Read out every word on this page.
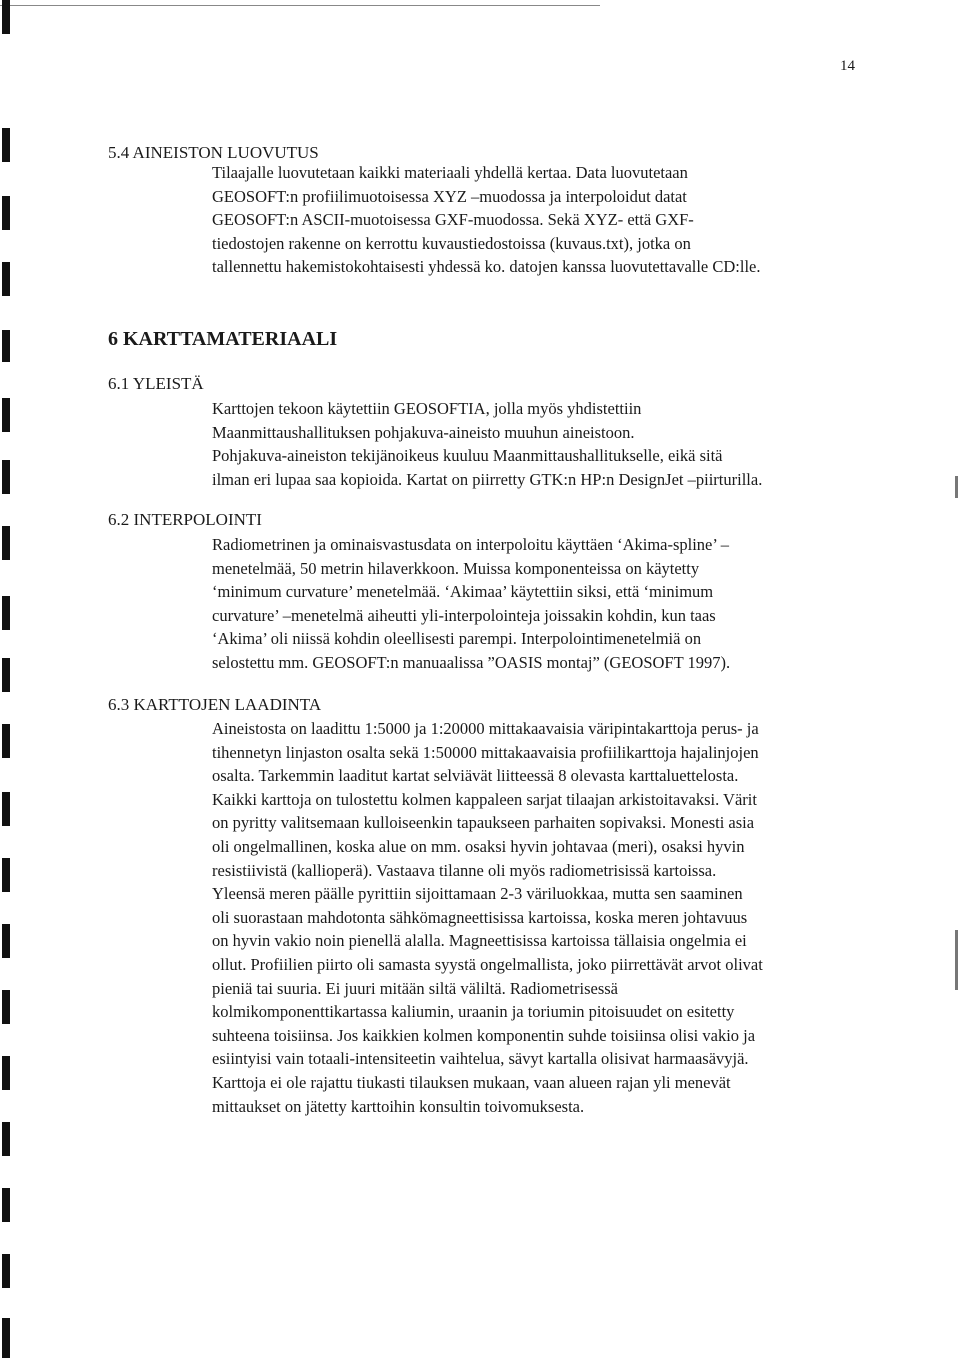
14
5.4 AINEISTON LUOVUTUS
Tilaajalle luovutetaan kaikki materiaali yhdellä kertaa. Data luovutetaan
GEOSOFT:n profiilimuotoisessa XYZ –muodossa ja interpoloidut datat
GEOSOFT:n ASCII-muotoisessa GXF-muodossa. Sekä XYZ- että GXF-
tiedostojen rakenne on kerrottu kuvaustiedostoissa (kuvaus.txt), jotka on
tallennettu hakemistokohtaisesti yhdessä ko. datojen kanssa luovutettavalle CD:lle.
6 KARTTAMATERIAALI
6.1 YLEISTÄ
Karttojen tekoon käytettiin GEOSOFTIA, jolla myös yhdistettiin
Maanmittaushallituksen pohjakuva-aineisto muuhun aineistoon.
Pohjakuva-aineiston tekijänoikeus kuuluu Maanmittaushallitukselle, eikä sitä
ilman eri lupaa saa kopioida. Kartat on piirretty GTK:n HP:n DesignJet –piirturilla.
6.2 INTERPOLOINTI
Radiometrinen ja ominaisvastusdata on interpoloitu käyttäen ‘Akima-spline’ –
menetelmää, 50 metrin hilaverkkoon. Muissa komponenteissa on käytetty
‘minimum curvature’ menetelmää. ‘Akimaa’ käytettiin siksi, että ‘minimum
curvature’ –menetelmä aiheutti yli-interpolointeja joissakin kohdin, kun taas
‘Akima’ oli niissä kohdin oleellisesti parempi. Interpolointimenetelmiä on
selostettu mm. GEOSOFT:n manuaalissa ”OASIS montaj” (GEOSOFT 1997).
6.3 KARTTOJEN LAADINTA
Aineistosta on laadittu 1:5000 ja 1:20000 mittakaavaisia väripintakarttoja perus- ja
tihennetyn linjaston osalta sekä 1:50000 mittakaavaisia profiilikarttoja hajalinjojen
osalta. Tarkemmin laaditut kartat selviävät liitteessä 8 olevasta karttaluettelosta.
Kaikki karttoja on tulostettu kolmen kappaleen sarjat tilaajan arkistoitavaksi. Värit
on pyritty valitsemaan kulloiseenkin tapaukseen parhaiten sopivaksi. Monesti asia
oli ongelmallinen, koska alue on mm. osaksi hyvin johtavaa (meri), osaksi hyvin
resistiivistä (kallioperä). Vastaava tilanne oli myös radiometrisissä kartoissa.
Yleensä meren päälle pyrittiin sijoittamaan 2-3 väriluokkaa, mutta sen saaminen
oli suorastaan mahdotonta sähkömagneettisissa kartoissa, koska meren johtavuus
on hyvin vakio noin pienellä alalla. Magneettisissa kartoissa tällaisia ongelmia ei
ollut. Profiilien piirto oli samasta syystä ongelmallista, joko piirrettävät arvot olivat
pieniä tai suuria. Ei juuri mitään siltä väliltä. Radiometrisessä
kolmikomponenttikartassa kaliumin, uraanin ja toriumin pitoisuudet on esitetty
suhteena toisiinsa. Jos kaikkien kolmen komponentin suhde toisiinsa olisi vakio ja
esiintyisi vain totaali-intensiteetin vaihtelua, sävyt kartalla olisivat harmaasävyjä.
Karttoja ei ole rajattu tiukasti tilauksen mukaan, vaan alueen rajan yli menevät
mittaukset on jätetty karttoihin konsultin toivomuksesta.
